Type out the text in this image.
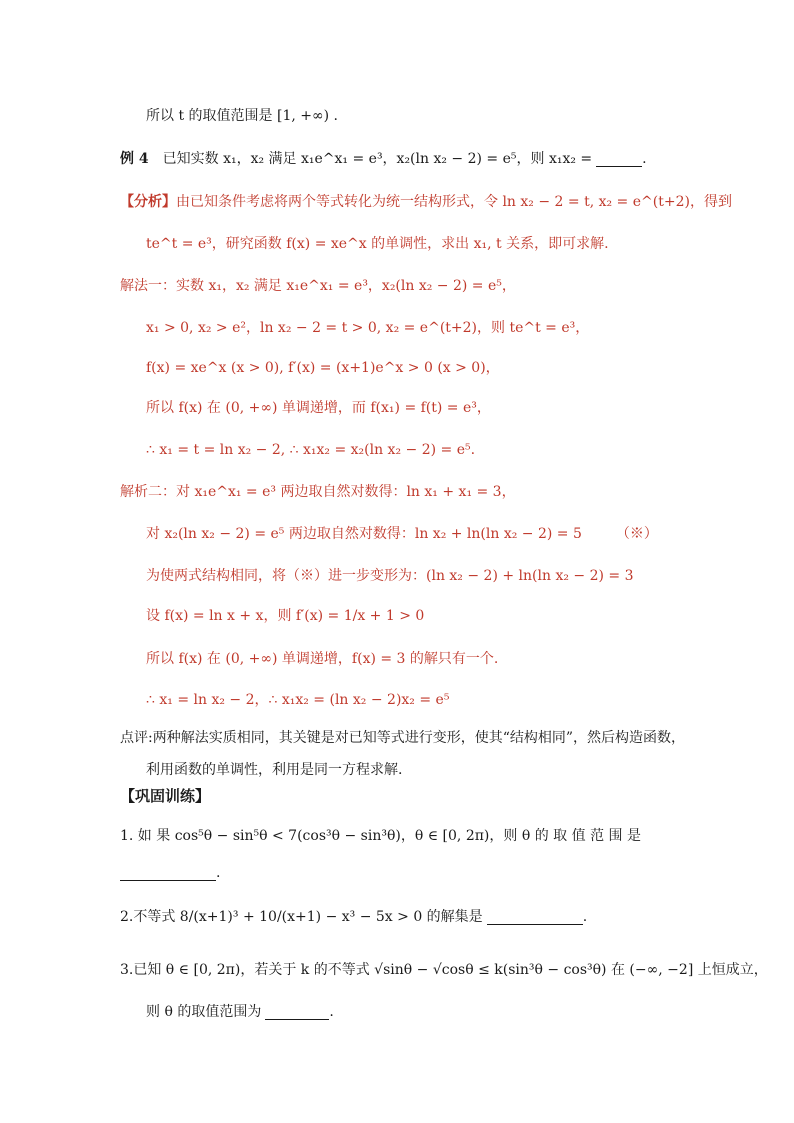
所以 t 的取值范围是 [1, +∞) .
例 4 已知实数 x₁，x₂ 满足 x₁e^x₁ = e³，x₂(ln x₂ − 2) = e⁵，则 x₁x₂ =	.
【分析】 由已知条件考虑将两个等式转化为统一结构形式，令 ln x₂ − 2 = t, x₂ = e^(t+2)，得到
te^t = e³，研究函数 f(x) = xe^x 的单调性，求出 x₁, t 关系，即可求解.
解法一： 实数 x₁，x₂ 满足 x₁e^x₁ = e³，x₂(ln x₂ − 2) = e⁵，
x₁ > 0, x₂ > e²，ln x₂ − 2 = t > 0, x₂ = e^(t+2)，则 te^t = e³，
f(x) = xe^x (x > 0), f′(x) = (x+1)e^x > 0 (x > 0)，
所以 f(x) 在 (0, +∞) 单调递增，而 f(x₁) = f(t) = e³，
∴ x₁ = t = ln x₂ − 2, ∴ x₁x₂ = x₂(ln x₂ − 2) = e⁵.
解析二： 对 x₁e^x₁ = e³ 两边取自然对数得：ln x₁ + x₁ = 3，
对 x₂(ln x₂ − 2) = e⁵ 两边取自然对数得：ln x₂ + ln(ln x₂ − 2) = 5 （※）
为使两式结构相同，将（※）进一步变形为：(ln x₂ − 2) + ln(ln x₂ − 2) = 3
设 f(x) = ln x + x，则 f′(x) = 1/x + 1 > 0
所以 f(x) 在 (0, +∞) 单调递增，f(x) = 3 的解只有一个.
∴ x₁ = ln x₂ − 2，∴ x₁x₂ = (ln x₂ − 2)x₂ = e⁵
点评:两种解法实质相同，其关键是对已知等式进行变形，使其“结构相同”，然后构造函数，
利用函数的单调性，利用是同一方程求解.
【巩固训练】
1. 如 果 cos⁵θ − sin⁵θ < 7(cos³θ − sin³θ)，θ ∈ [0, 2π)，则 θ 的 取 值 范 围 是
.
2.不等式 8/(x+1)³ + 10/(x+1) − x³ − 5x > 0 的解集是	.
3.已知 θ ∈ [0, 2π)，若关于 k 的不等式 √sinθ − √cosθ ≤ k(sin³θ − cos³θ) 在 (−∞, −2] 上恒成立，
则 θ 的取值范围为	.
